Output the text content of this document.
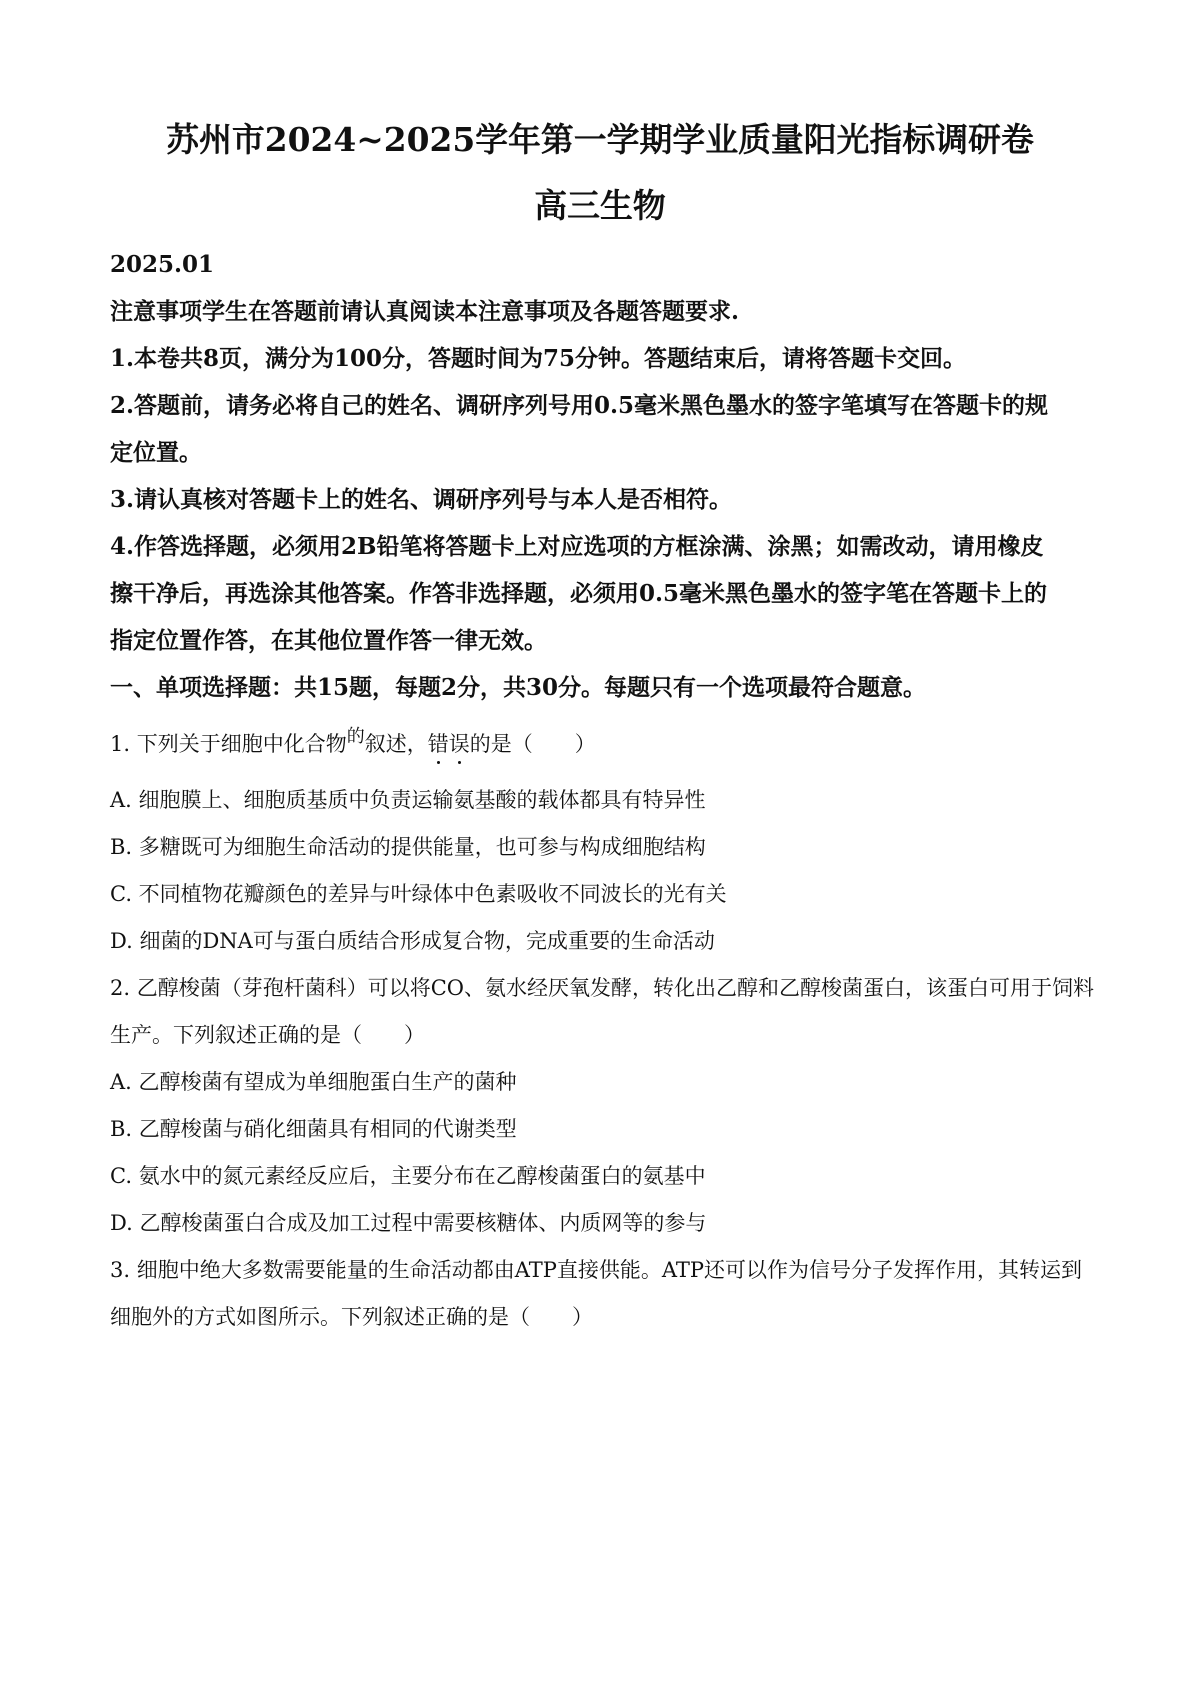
苏州市2024~2025学年第一学期学业质量阳光指标调研卷
高三生物
2025.01
注意事项学生在答题前请认真阅读本注意事项及各题答题要求.
1.本卷共8页，满分为100分，答题时间为75分钟。答题结束后，请将答题卡交回。
2.答题前，请务必将自己的姓名、调研序列号用0.5毫米黑色墨水的签字笔填写在答题卡的规
定位置。
3.请认真核对答题卡上的姓名、调研序列号与本人是否相符。
4.作答选择题，必须用2B铅笔将答题卡上对应选项的方框涂满、涂黑；如需改动，请用橡皮
擦干净后，再选涂其他答案。作答非选择题，必须用0.5毫米黑色墨水的签字笔在答题卡上的
指定位置作答，在其他位置作答一律无效。
一、单项选择题：共15题，每题2分，共30分。每题只有一个选项最符合题意。
1. 下列关于细胞中化合物的叙述，错误的是（　　）
A. 细胞膜上、细胞质基质中负责运输氨基酸的载体都具有特异性
B. 多糖既可为细胞生命活动的提供能量，也可参与构成细胞结构
C. 不同植物花瓣颜色的差异与叶绿体中色素吸收不同波长的光有关
D. 细菌的DNA可与蛋白质结合形成复合物，完成重要的生命活动
2. 乙醇梭菌（芽孢杆菌科）可以将CO、氨水经厌氧发酵，转化出乙醇和乙醇梭菌蛋白，该蛋白可用于饲料
生产。下列叙述正确的是（　　）
A. 乙醇梭菌有望成为单细胞蛋白生产的菌种
B. 乙醇梭菌与硝化细菌具有相同的代谢类型
C. 氨水中的氮元素经反应后，主要分布在乙醇梭菌蛋白的氨基中
D. 乙醇梭菌蛋白合成及加工过程中需要核糖体、内质网等的参与
3. 细胞中绝大多数需要能量的生命活动都由ATP直接供能。ATP还可以作为信号分子发挥作用，其转运到
细胞外的方式如图所示。下列叙述正确的是（　　）
